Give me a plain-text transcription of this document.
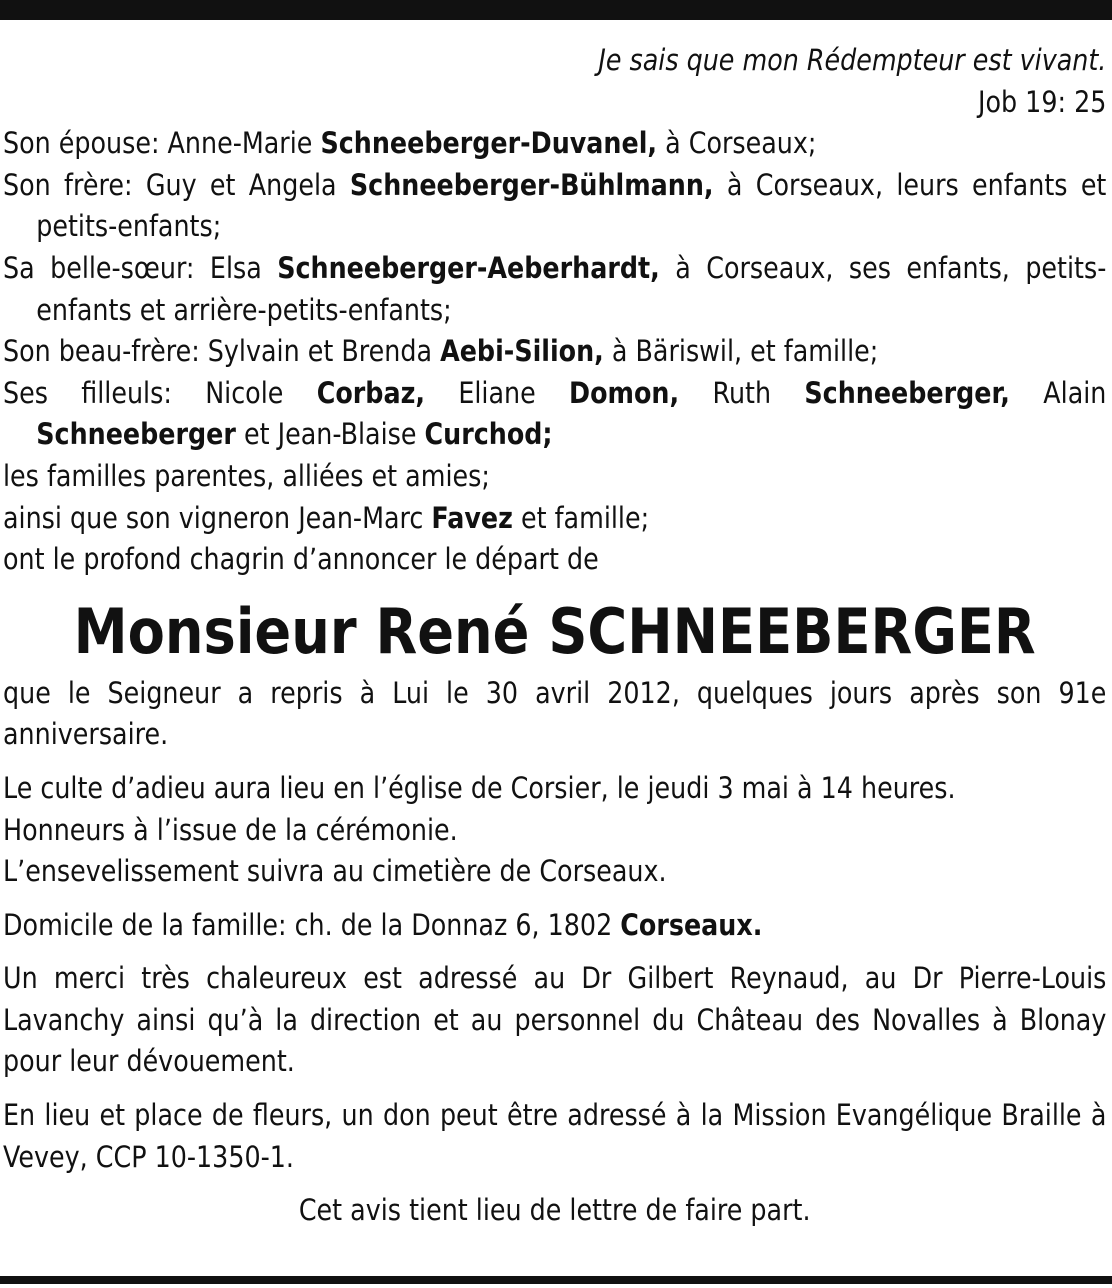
Je sais que mon Rédempteur est vivant.
Job 19: 25
Son épouse: Anne-Marie Schneeberger-Duvanel, à Corseaux;
Son frère: Guy et Angela Schneeberger-Bühlmann, à Corseaux, leurs enfants et petits-enfants;
Sa belle-sœur: Elsa Schneeberger-Aeberhardt, à Corseaux, ses enfants, petits-enfants et arrière-petits-enfants;
Son beau-frère: Sylvain et Brenda Aebi-Silion, à Bäriswil, et famille;
Ses filleuls: Nicole Corbaz, Eliane Domon, Ruth Schneeberger, Alain Schneeberger et Jean-Blaise Curchod;
les familles parentes, alliées et amies;
ainsi que son vigneron Jean-Marc Favez et famille;
ont le profond chagrin d’annoncer le départ de
Monsieur René SCHNEEBERGER
que le Seigneur a repris à Lui le 30 avril 2012, quelques jours après son 91e anniversaire.
Le culte d’adieu aura lieu en l’église de Corsier, le jeudi 3 mai à 14 heures.
Honneurs à l’issue de la cérémonie.
L’ensevelissement suivra au cimetière de Corseaux.
Domicile de la famille: ch. de la Donnaz 6, 1802 Corseaux.
Un merci très chaleureux est adressé au Dr Gilbert Reynaud, au Dr Pierre-Louis Lavanchy ainsi qu’à la direction et au personnel du Château des Novalles à Blonay pour leur dévouement.
En lieu et place de fleurs, un don peut être adressé à la Mission Evangélique Braille à Vevey, CCP 10-1350-1.
Cet avis tient lieu de lettre de faire part.
